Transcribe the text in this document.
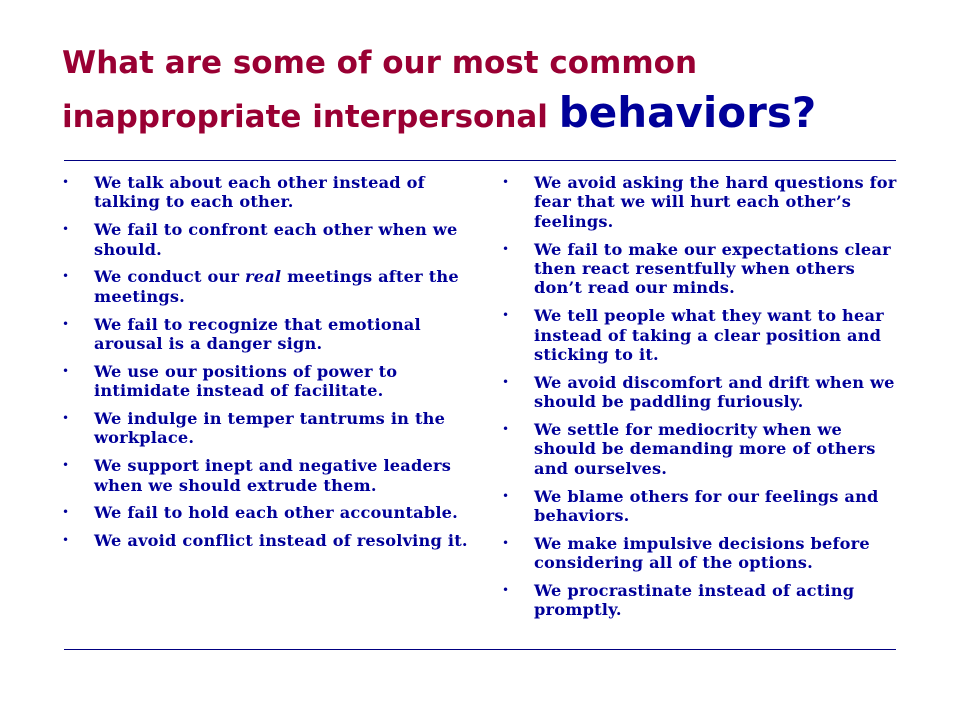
What are some of our most common inappropriate interpersonal behaviors?
• We talk about each other instead of talking to each other.
• We fail to confront each other when we should.
• We conduct our real meetings after the meetings.
• We fail to recognize that emotional arousal is a danger sign.
• We use our positions of power to intimidate instead of facilitate.
• We indulge in temper tantrums in the workplace.
• We support inept and negative leaders when we should extrude them.
• We fail to hold each other accountable.
• We avoid conflict instead of resolving it.
• We avoid asking the hard questions for fear that we will hurt each other’s feelings.
• We fail to make our expectations clear then react resentfully when others don’t read our minds.
• We tell people what they want to hear instead of taking a clear position and sticking to it.
• We avoid discomfort and drift when we should be paddling furiously.
• We settle for mediocrity when we should be demanding more of others and ourselves.
• We blame others for our feelings and behaviors.
• We make impulsive decisions before considering all of the options.
• We procrastinate instead of acting promptly.
